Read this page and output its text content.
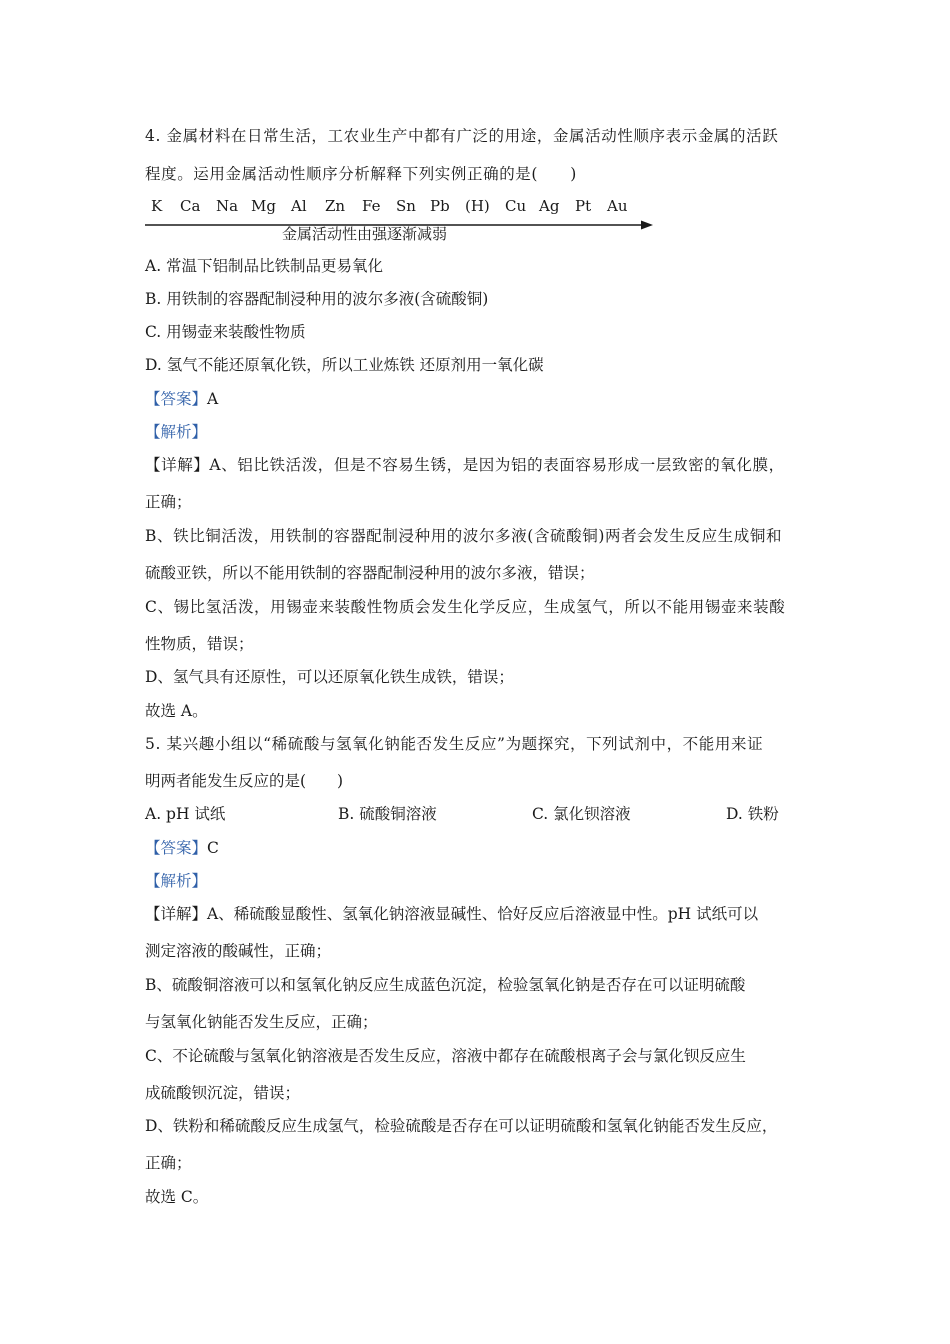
4. 金属材料在日常生活，工农业生产中都有广泛的用途，金属活动性顺序表示金属的活跃
程度。运用金属活动性顺序分析解释下列实例正确的是(　　)
K Ca Na Mg Al Zn Fe Sn Pb (H) Cu Ag Pt Au
金属活动性由强逐渐减弱
A. 常温下铝制品比铁制品更易氧化
B. 用铁制的容器配制浸种用的波尔多液(含硫酸铜)
C. 用锡壶来装酸性物质
D. 氢气不能还原氧化铁，所以工业炼铁 还原剂用一氧化碳
【答案】A
【解析】
【详解】A、铝比铁活泼，但是不容易生锈，是因为铝的表面容易形成一层致密的氧化膜，
正确；
B、铁比铜活泼，用铁制的容器配制浸种用的波尔多液(含硫酸铜)两者会发生反应生成铜和
硫酸亚铁，所以不能用铁制的容器配制浸种用的波尔多液，错误；
C、锡比氢活泼，用锡壶来装酸性物质会发生化学反应，生成氢气，所以不能用锡壶来装酸
性物质，错误；
D、氢气具有还原性，可以还原氧化铁生成铁，错误；
故选 A。
5. 某兴趣小组以“稀硫酸与氢氧化钠能否发生反应”为题探究，下列试剂中，不能用来证
明两者能发生反应的是(　　)
A. pH 试纸	B. 硫酸铜溶液	C. 氯化钡溶液	D. 铁粉
【答案】C
【解析】
【详解】A、稀硫酸显酸性、氢氧化钠溶液显碱性、恰好反应后溶液显中性。pH 试纸可以
测定溶液的酸碱性，正确；
B、硫酸铜溶液可以和氢氧化钠反应生成蓝色沉淀，检验氢氧化钠是否存在可以证明硫酸
与氢氧化钠能否发生反应，正确；
C、不论硫酸与氢氧化钠溶液是否发生反应，溶液中都存在硫酸根离子会与氯化钡反应生
成硫酸钡沉淀，错误；
D、铁粉和稀硫酸反应生成氢气，检验硫酸是否存在可以证明硫酸和氢氧化钠能否发生反应，
正确；
故选 C。
